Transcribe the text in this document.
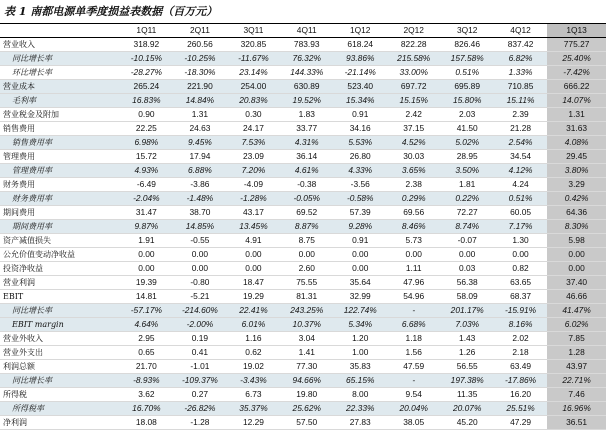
表 1 南都电源单季度损益表数据（百万元）
	1Q11	2Q11	3Q11	4Q11	1Q12	2Q12	3Q12	4Q12	1Q13
营业收入	318.92	260.56	320.85	783.93	618.24	822.28	826.46	837.42	775.27
同比增长率	-10.15%	-10.25%	-11.67%	76.32%	93.86%	215.58%	157.58%	6.82%	25.40%
环比增长率	-28.27%	-18.30%	23.14%	144.33%	-21.14%	33.00%	0.51%	1.33%	-7.42%
营业成本	265.24	221.90	254.00	630.89	523.40	697.72	695.89	710.85	666.22
毛利率	16.83%	14.84%	20.83%	19.52%	15.34%	15.15%	15.80%	15.11%	14.07%
营业税金及附加	0.90	1.31	0.30	1.83	0.91	2.42	2.03	2.39	1.31
销售费用	22.25	24.63	24.17	33.77	34.16	37.15	41.50	21.28	31.63
销售费用率	6.98%	9.45%	7.53%	4.31%	5.53%	4.52%	5.02%	2.54%	4.08%
管理费用	15.72	17.94	23.09	36.14	26.80	30.03	28.95	34.54	29.45
管理费用率	4.93%	6.88%	7.20%	4.61%	4.33%	3.65%	3.50%	4.12%	3.80%
财务费用	-6.49	-3.86	-4.09	-0.38	-3.56	2.38	1.81	4.24	3.29
财务费用率	-2.04%	-1.48%	-1.28%	-0.05%	-0.58%	0.29%	0.22%	0.51%	0.42%
期间费用	31.47	38.70	43.17	69.52	57.39	69.56	72.27	60.05	64.36
期间费用率	9.87%	14.85%	13.45%	8.87%	9.28%	8.46%	8.74%	7.17%	8.30%
资产减值损失	1.91	-0.55	4.91	8.75	0.91	5.73	-0.07	1.30	5.98
公允价值变动净收益	0.00	0.00	0.00	0.00	0.00	0.00	0.00	0.00	0.00
投资净收益	0.00	0.00	0.00	2.60	0.00	1.11	0.03	0.82	0.00
营业利润	19.39	-0.80	18.47	75.55	35.64	47.96	56.38	63.65	37.40
EBIT	14.81	-5.21	19.29	81.31	32.99	54.96	58.09	68.37	46.66
同比增长率	-57.17%	-214.60%	22.41%	243.25%	122.74%	-	201.17%	-15.91%	41.47%
EBIT margin	4.64%	-2.00%	6.01%	10.37%	5.34%	6.68%	7.03%	8.16%	6.02%
营业外收入	2.95	0.19	1.16	3.04	1.20	1.18	1.43	2.02	7.85
营业外支出	0.65	0.41	0.62	1.41	1.00	1.56	1.26	2.18	1.28
利润总额	21.70	-1.01	19.02	77.30	35.83	47.59	56.55	63.49	43.97
同比增长率	-8.93%	-109.37%	-3.43%	94.66%	65.15%	-	197.38%	-17.86%	22.71%
所得税	3.62	0.27	6.73	19.80	8.00	9.54	11.35	16.20	7.46
所得税率	16.70%	-26.82%	35.37%	25.62%	22.33%	20.04%	20.07%	25.51%	16.96%
净利润	18.08	-1.28	12.29	57.50	27.83	38.05	45.20	47.29	36.51
